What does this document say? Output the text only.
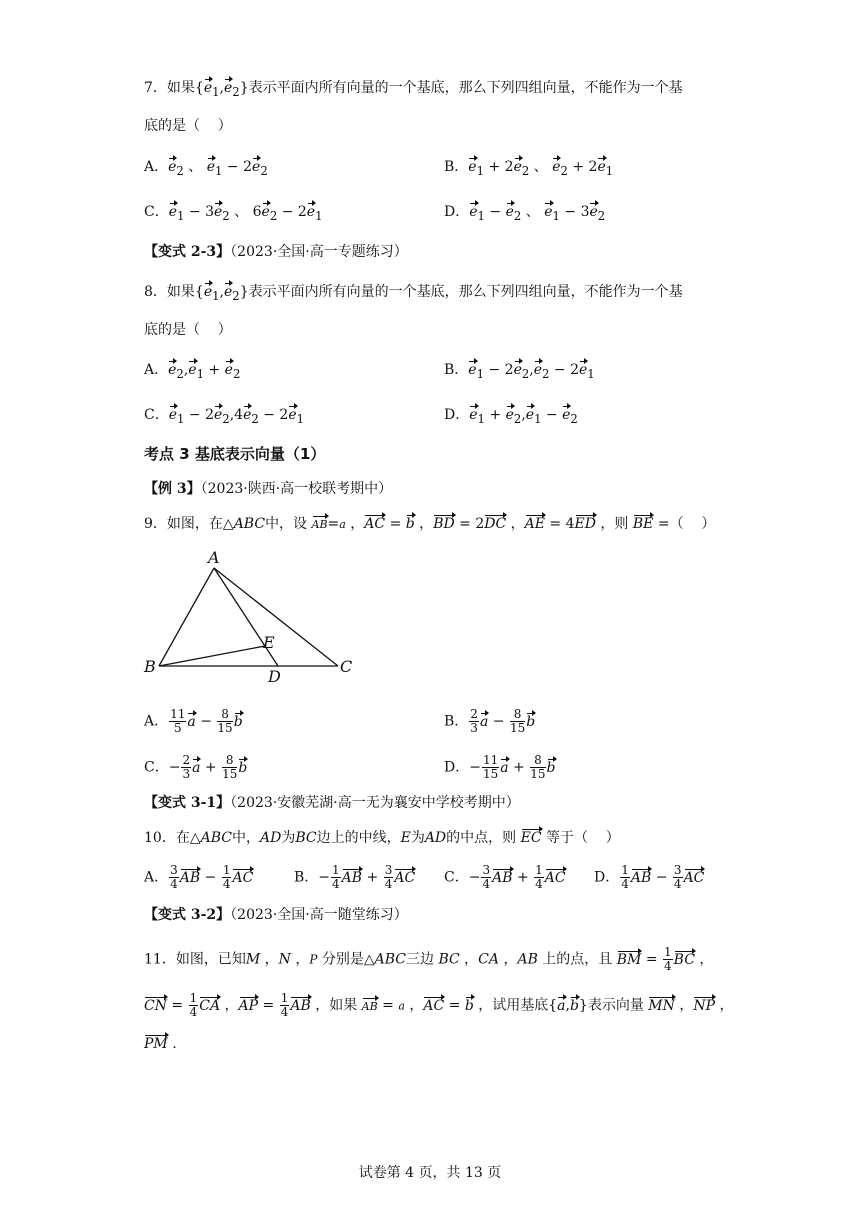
7．如果$\{e_1,e_2\}$表示平面内所有向量的一个基底，那么下列四组向量，不能作为一个基
底的是（    ）
A．$e_2$ 、 $e_1 - 2e_2$	B．$e_1 + 2e_2$ 、 $e_2 + 2e_1$
C．$e_1 - 3e_2$ 、 $6e_2 - 2e_1$	D．$e_1 - e_2$ 、 $e_1 - 3e_2$
【变式 2-3】（2023·全国·高一专题练习）
8．如果$\{e_1,e_2\}$表示平面内所有向量的一个基底，那么下列四组向量，不能作为一个基
底的是（    ）
A．$e_2,e_1 + e_2$	B．$e_1 - 2e_2,e_2 - 2e_1$
C．$e_1 - 2e_2,4e_2 - 2e_1$	D．$e_1 + e_2,e_1 - e_2$
考点 3 基底表示向量（1）
【例 3】（2023·陕西·高一校联考期中）
9．如图，在△ABC中，设 AB=a ，AC = b ，BD = 2DC ，AE = 4ED ，则 BE =（    ）
A
B	C
D
E
A． $\frac{11}{5}$ $a - \frac{8}{15}$ b	B． $\frac{2}{3}$ $a - \frac{8}{15}$ b
C．− $\frac{2}{3}$ $a + \frac{8}{15}$ b	D．− $\frac{11}{15}$ $a + \frac{8}{15}$ b
【变式 3-1】（2023·安徽芜湖·高一无为襄安中学校考期中）
10．在△ABC中，AD为BC边上的中线，E为AD的中点，则 EC 等于（    ）
A． $\frac{3}{4}$ AB − $\frac{1}{4}$ AC	B．− $\frac{1}{4}$ AB + $\frac{3}{4}$ AC C．− $\frac{3}{4}$ AB + $\frac{1}{4}$ AC D． $\frac{1}{4}$ AB − $\frac{3}{4}$ AC
【变式 3-2】（2023·全国·高一随堂练习）
11．如图，已知M ，N ，P 分别是△ABC三边 BC ，CA ，AB 上的点，且 BM = $\frac{1}{4}$ BC ，
CN = $\frac{1}{4}$ CA ，AP = $\frac{1}{4}$ AB ，如果 AB = a ，AC = b ，试用基底{a,b}表示向量 MN ，NP ，
PM .
试卷第 4 页，共 13 页
